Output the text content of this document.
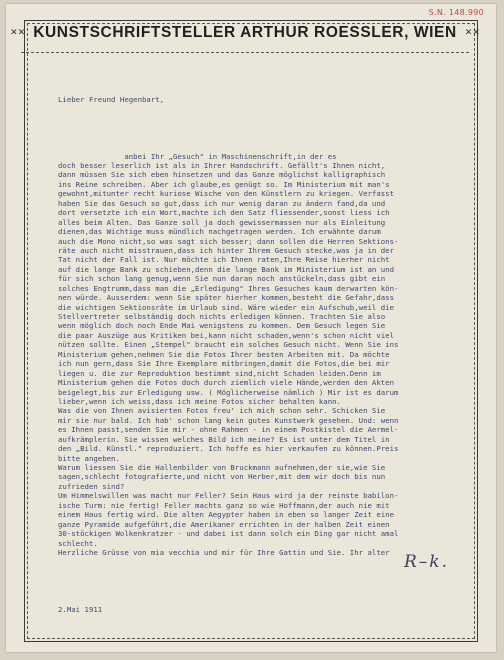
S.N. 148.990
✕✕ KUNSTSCHRIFTSTELLER ARTHUR ROESSLER, WIEN ✕✕

Lieber Freund Hegenbart,

anbei Ihr „Gesuch" in Maschinenschrift,in der es
doch besser leserlich ist als in Ihrer Handschrift. Gefällt's Ihnen nicht,
dann müssen Sie sich eben hinsetzen und das Ganze möglichst kalligraphisch
ins Reine schreiben. Aber ich glaube,es genügt so. Im Ministerium mit man's
gewohnt,mitunter recht kuriose Wische von den Künstlern zu kriegen. Verfasst
haben Sie das Gesuch so gut,dass ich nur wenig daran zu ändern fand,da und
dort versetzte ich ein Wort,machte ich den Satz fliessender,sonst liess ich
alles beim Alten. Das Ganze soll ja doch gewissermassen nur als Einleitung
dienen,das Wichtige muss mündlich nachgetragen werden. Ich erwähnte darum
auch die Mono nicht,so was sagt sich besser; dann sollen die Herren Sektions-
räte auch nicht misstrauen,dass ich hinter Ihrem Gesuch stecke,was ja in der
Tat nicht der Fall ist. Nur möchte ich Ihnen raten,Ihre Reise hierher nicht
auf die lange Bank zu schieben,denn die lange Bank im Ministerium ist an und
für sich schon lang genug,wenn Sie nun daran noch anstückeln,dass gibt ein
solches Engtrumm,dass man die „Erledigung" Ihres Gesuches kaum derwarten kön-
nen würde. Ausserdem: wenn Sie später hierher kommen,besteht die Gefahr,dass
die wichtigen Sektionsräte im Urlaub sind. Wäre wieder ein Aufschub,weil die
Stellvertreter selbständig doch nichts erledigen können. Trachten Sie also
wenn möglich doch noch Ende Mai wenigstens zu kommen. Dem Gesuch legen Sie
die paar Auszüge aus Kritiken bei,kann nicht schaden,wenn's schon nicht viel
nützen sollte. Einen „Stempel" braucht ein solches Gesuch nicht. Wenn Sie ins
Ministerium gehen,nehmen Sie die Fotos Ihrer besten Arbeiten mit. Da möchte
ich nun gern,dass Sie Ihre Exemplare mitbringen,damit die Fotos,die bei mir
liegen u. die zur Reproduktion bestimmt sind,nicht Schaden leiden.Denn im
Ministerium gehen die Fotos doch durch ziemlich viele Hände,werden den Akten
beigelegt,bis zur Erledigung usw. ( Möglicherweise nämlich ) Mir ist es darum
lieber,wenn ich weiss,dass ich meine Fotos sicher behalten kann.
Was die von Ihnen avisierten Fotos freu' ich mich schon sehr. Schicken Sie
mir sie nur bald. Ich hab' schon lang kein gutes Kunstwerk gesehen. Und: wenn
es Ihnen passt,senden Sie mir - ohne Rahmen - in einem Postkistel die Aermel-
aufkrämplerin. Sie wissen welches Bild ich meine? Es ist unter dem Titel in
den „Bild. Künstl." reproduziert. Ich hoffe es hier verkaufen zu können.Preis
bitte angeben.
Warum liessen Sie die Hallenbilder von Bruckmann aufnehmen,der sie,wie Sie
sagen,schlecht fotografierte,und nicht von Herber,mit dem wir doch bis nun
zufrieden sind?
Um Himmelswillen was macht nur Feller? Sein Haus wird ja der reinste babilon-
ische Turm: nie fertig! Feller machts ganz so wie Hoffmann,der auch nie mit
einem Haus fertig wird. Die alten Aegypter haben in eben so langer Zeit eine
ganze Pyramide aufgeführt,die Amerikaner errichten in der halben Zeit einen
30-stöckigen Wolkenkratzer - und dabei ist dann solch ein Ding gar nicht amal
schlecht.
Herzliche Grüsse von mia vecchia und mir für Ihre Gattin und Sie. Ihr alter

2.Mai 1911

R–k.
